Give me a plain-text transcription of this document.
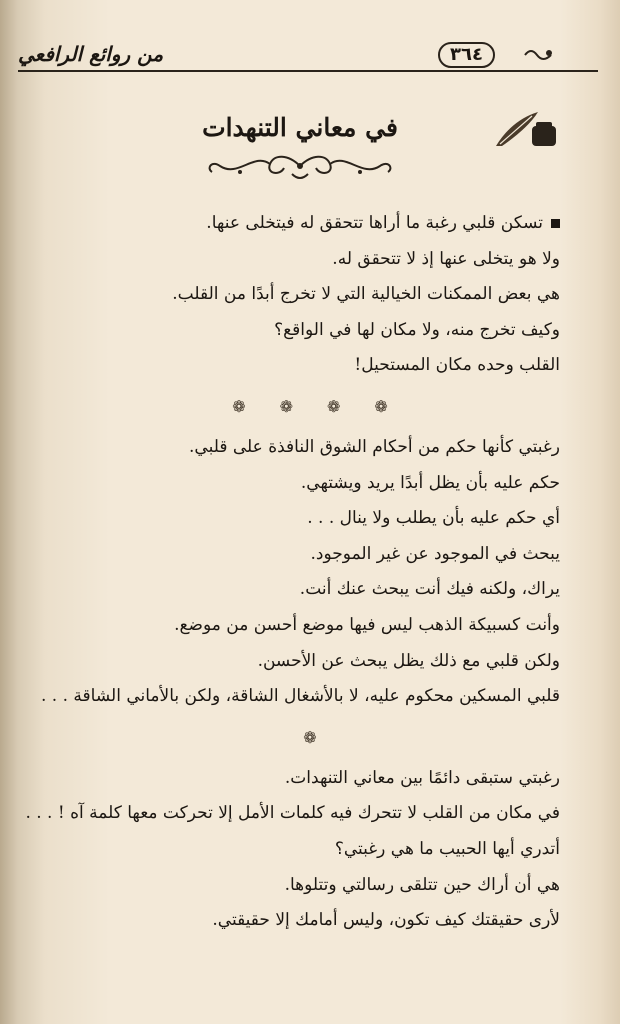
٣٦٤
من روائع الرافعي
في معاني التنهدات
تسكن قلبي رغبة ما أراها تتحقق له فيتخلى عنها.
ولا هو يتخلى عنها إذ لا تتحقق له.
هي بعض الممكنات الخيالية التي لا تخرج أبدًا من القلب.
وكيف تخرج منه، ولا مكان لها في الواقع؟
القلب وحده مكان المستحيل!
❁
❁
❁
❁
رغبتي كأنها حكم من أحكام الشوق النافذة على قلبي.
حكم عليه بأن يظل أبدًا يريد ويشتهي.
أي حكم عليه بأن يطلب ولا ينال . . .
يبحث في الموجود عن غير الموجود.
يراك، ولكنه فيك أنت يبحث عنك أنت.
وأنت كسبيكة الذهب ليس فيها موضع أحسن من موضع.
ولكن قلبي مع ذلك يظل يبحث عن الأحسن.
قلبي المسكين محكوم عليه، لا بالأشغال الشاقة، ولكن بالأماني الشاقة . . .
❁
رغبتي ستبقى دائمًا بين معاني التنهدات.
في مكان من القلب لا تتحرك فيه كلمات الأمل إلا تحركت معها كلمة آه ! . . .
أتدري أيها الحبيب ما هي رغبتي؟
هي أن أراك حين تتلقى رسالتي وتتلوها.
لأرى حقيقتك كيف تكون، وليس أمامك إلا حقيقتي.
